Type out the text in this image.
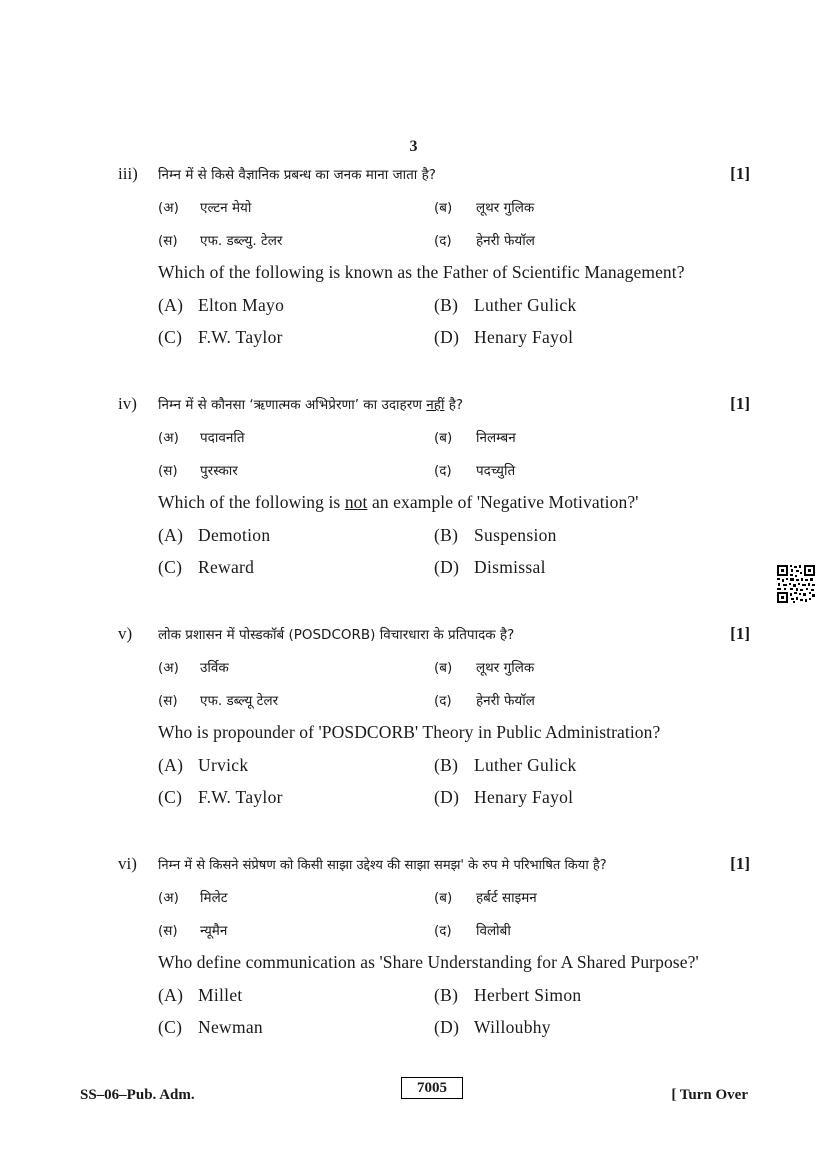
3
iii) निम्न में से किसे वैज्ञानिक प्रबन्ध का जनक माना जाता है?	[1]
(अ) एल्टन मेयो	(ब) लूथर गुलिक
(स) एफ. डब्ल्यु. टेलर	(द) हेनरी फेयॉल
Which of the following is known as the Father of Scientific Management?
(A) Elton Mayo	(B) Luther Gulick
(C) F.W. Taylor	(D) Henary Fayol
iv) निम्न में से कौनसा ‘ऋणात्मक अभिप्रेरणा’ का उदाहरण नहीं है?	[1]
(अ) पदावनति	(ब) निलम्बन
(स) पुरस्कार	(द) पदच्युति
Which of the following is not an example of 'Negative Motivation?'
(A) Demotion	(B) Suspension
(C) Reward	(D) Dismissal
v) लोक प्रशासन में पोस्डकॉर्ब (POSDCORB) विचारधारा के प्रतिपादक है?	[1]
(अ) उर्विक	(ब) लूथर गुलिक
(स) एफ. डब्ल्यू टेलर	(द) हेनरी फेयॉल
Who is propounder of 'POSDCORB' Theory in Public Administration?
(A) Urvick	(B) Luther Gulick
(C) F.W. Taylor	(D) Henary Fayol
vi) निम्न में से किसने संप्रेषण को किसी साझा उद्देश्य की साझा समझ' के रुप मे परिभाषित किया है?	[1]
(अ) मिलेट	(ब) हर्बर्ट साइमन
(स) न्यूमैन	(द) विलोबी
Who define communication as 'Share Understanding for A Shared Purpose?'
(A) Millet	(B) Herbert Simon
(C) Newman	(D) Willoubhy
SS–06–Pub. Adm.	7005	[ Turn Over
